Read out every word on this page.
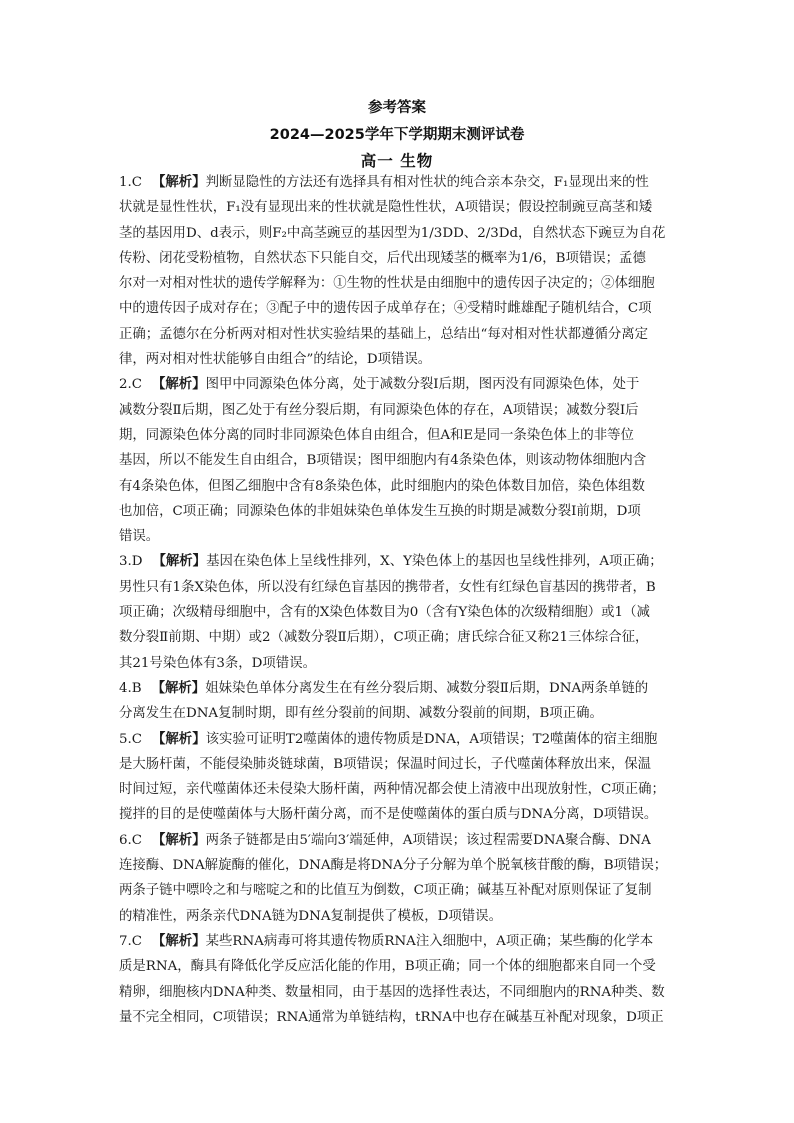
参考答案
2024—2025学年下学期期末测评试卷
高一 生物
1.C 【解析】判断显隐性的方法还有选择具有相对性状的纯合亲本杂交，F₁显现出来的性
状就是显性性状，F₁没有显现出来的性状就是隐性性状，A项错误；假设控制豌豆高茎和矮
茎的基因用D、d表示，则F₂中高茎豌豆的基因型为1/3DD、2/3Dd，自然状态下豌豆为自花
传粉、闭花受粉植物，自然状态下只能自交，后代出现矮茎的概率为1/6，B项错误；孟德
尔对一对相对性状的遗传学解释为：①生物的性状是由细胞中的遗传因子决定的；②体细胞
中的遗传因子成对存在；③配子中的遗传因子成单存在；④受精时雌雄配子随机结合，C项
正确；孟德尔在分析两对相对性状实验结果的基础上，总结出“每对相对性状都遵循分离定
律，两对相对性状能够自由组合”的结论，D项错误。
2.C 【解析】图甲中同源染色体分离，处于减数分裂Ⅰ后期，图丙没有同源染色体，处于
减数分裂Ⅱ后期，图乙处于有丝分裂后期，有同源染色体的存在，A项错误；减数分裂Ⅰ后
期，同源染色体分离的同时非同源染色体自由组合，但A和E是同一条染色体上的非等位
基因，所以不能发生自由组合，B项错误；图甲细胞内有4条染色体，则该动物体细胞内含
有4条染色体，但图乙细胞中含有8条染色体，此时细胞内的染色体数目加倍，染色体组数
也加倍，C项正确；同源染色体的非姐妹染色单体发生互换的时期是减数分裂Ⅰ前期，D项
错误。
3.D 【解析】基因在染色体上呈线性排列，X、Y染色体上的基因也呈线性排列，A项正确；
男性只有1条X染色体，所以没有红绿色盲基因的携带者，女性有红绿色盲基因的携带者，B
项正确；次级精母细胞中，含有的X染色体数目为0（含有Y染色体的次级精细胞）或1（减
数分裂Ⅱ前期、中期）或2（减数分裂Ⅱ后期），C项正确；唐氏综合征又称21三体综合征，
其21号染色体有3条，D项错误。
4.B 【解析】姐妹染色单体分离发生在有丝分裂后期、减数分裂Ⅱ后期，DNA两条单链的
分离发生在DNA复制时期，即有丝分裂前的间期、减数分裂前的间期，B项正确。
5.C 【解析】该实验可证明T2噬菌体的遗传物质是DNA，A项错误；T2噬菌体的宿主细胞
是大肠杆菌，不能侵染肺炎链球菌，B项错误；保温时间过长，子代噬菌体释放出来，保温
时间过短，亲代噬菌体还未侵染大肠杆菌，两种情况都会使上清液中出现放射性，C项正确；
搅拌的目的是使噬菌体与大肠杆菌分离，而不是使噬菌体的蛋白质与DNA分离，D项错误。
6.C 【解析】两条子链都是由5′端向3′端延伸，A项错误；该过程需要DNA聚合酶、DNA
连接酶、DNA解旋酶的催化，DNA酶是将DNA分子分解为单个脱氧核苷酸的酶，B项错误；
两条子链中嘌呤之和与嘧啶之和的比值互为倒数，C项正确；碱基互补配对原则保证了复制
的精准性，两条亲代DNA链为DNA复制提供了模板，D项错误。
7.C 【解析】某些RNA病毒可将其遗传物质RNA注入细胞中，A项正确；某些酶的化学本
质是RNA，酶具有降低化学反应活化能的作用，B项正确；同一个体的细胞都来自同一个受
精卵，细胞核内DNA种类、数量相同，由于基因的选择性表达，不同细胞内的RNA种类、数
量不完全相同，C项错误；RNA通常为单链结构，tRNA中也存在碱基互补配对现象，D项正
